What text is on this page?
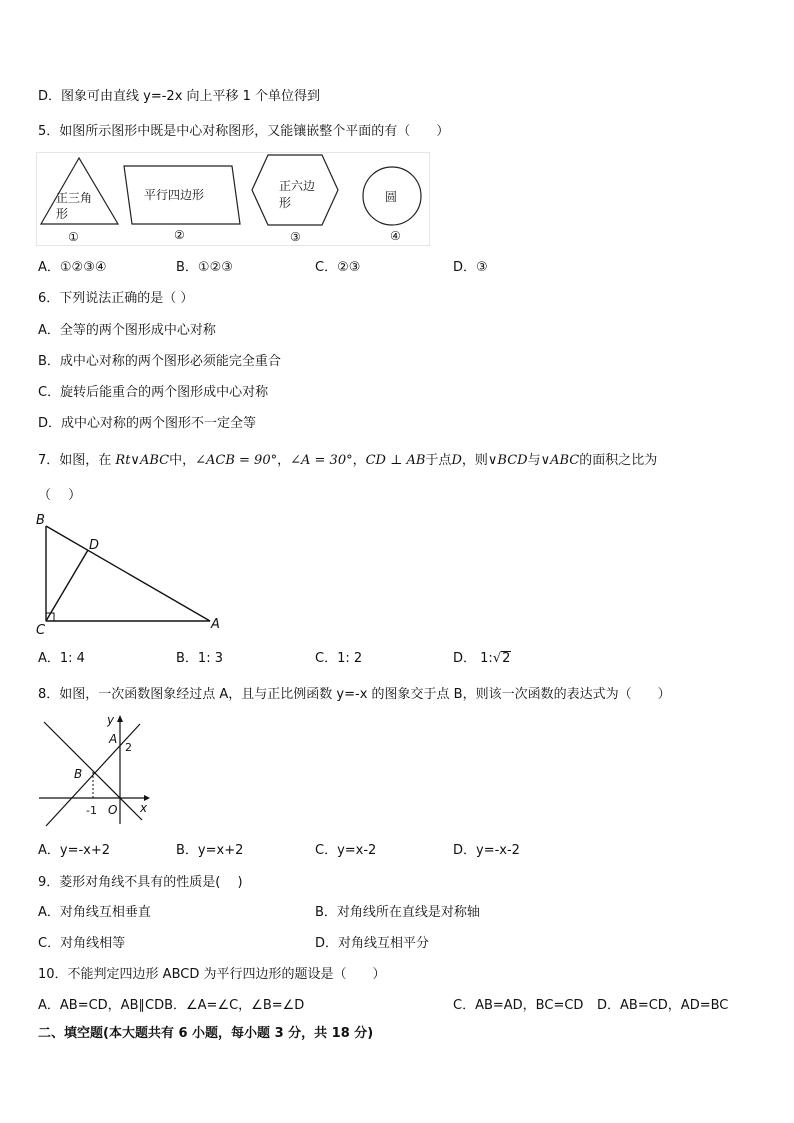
D．图象可由直线 y=-2x 向上平移 1 个单位得到
5．如图所示图形中既是中心对称图形，又能镶嵌整个平面的有（　　）
正三角
形
①
平行四边形
②
正六边
形
③
圆
④
A．①②③④	B．①②③	C．②③	D．③
6．下列说法正确的是（ ）
A．全等的两个图形成中心对称
B．成中心对称的两个图形必须能完全重合
C．旋转后能重合的两个图形成中心对称
D．成中心对称的两个图形不一定全等
7．如图，在 Rt∨ABC中，∠ACB = 90°，∠A = 30°，CD ⊥ AB于点D，则∨BCD与∨ABC的面积之比为
（　 ）
B
D
C	A
A．1: 4	B．1: 3	C．1: 2	D． 1:√2
8．如图，一次函数图象经过点 A，且与正比例函数 y=-x 的图象交于点 B，则该一次函数的表达式为（　　）
y
A
2
B
-1 O x
A．y=-x+2	B．y=x+2	C．y=x-2	D．y=-x-2
9．菱形对角线不具有的性质是(　 )
A．对角线互相垂直	B．对角线所在直线是对称轴
C．对角线相等	D．对角线互相平分
10．不能判定四边形 ABCD 为平行四边形的题设是（　　）
A．AB=CD，AB∥CDB．∠A=∠C，∠B=∠D	C．AB=AD，BC=CD D．AB=CD，AD=BC
二、填空题(本大题共有 6 小题，每小题 3 分，共 18 分)
